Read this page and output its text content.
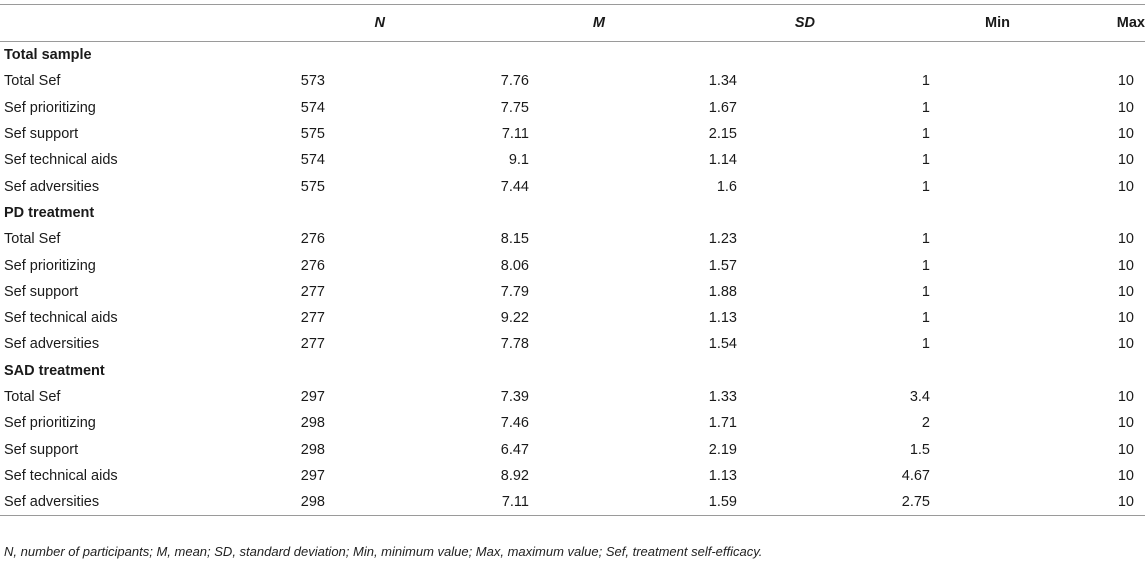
	N	M	SD	Min	Max
Total sample					
Total Sef	573	7.76	1.34	1	10
Sef prioritizing	574	7.75	1.67	1	10
Sef support	575	7.11	2.15	1	10
Sef technical aids	574	9.1	1.14	1	10
Sef adversities	575	7.44	1.6	1	10
PD treatment					
Total Sef	276	8.15	1.23	1	10
Sef prioritizing	276	8.06	1.57	1	10
Sef support	277	7.79	1.88	1	10
Sef technical aids	277	9.22	1.13	1	10
Sef adversities	277	7.78	1.54	1	10
SAD treatment					
Total Sef	297	7.39	1.33	3.4	10
Sef prioritizing	298	7.46	1.71	2	10
Sef support	298	6.47	2.19	1.5	10
Sef technical aids	297	8.92	1.13	4.67	10
Sef adversities	298	7.11	1.59	2.75	10
N, number of participants; M, mean; SD, standard deviation; Min, minimum value; Max, maximum value; Sef, treatment self-efficacy.
